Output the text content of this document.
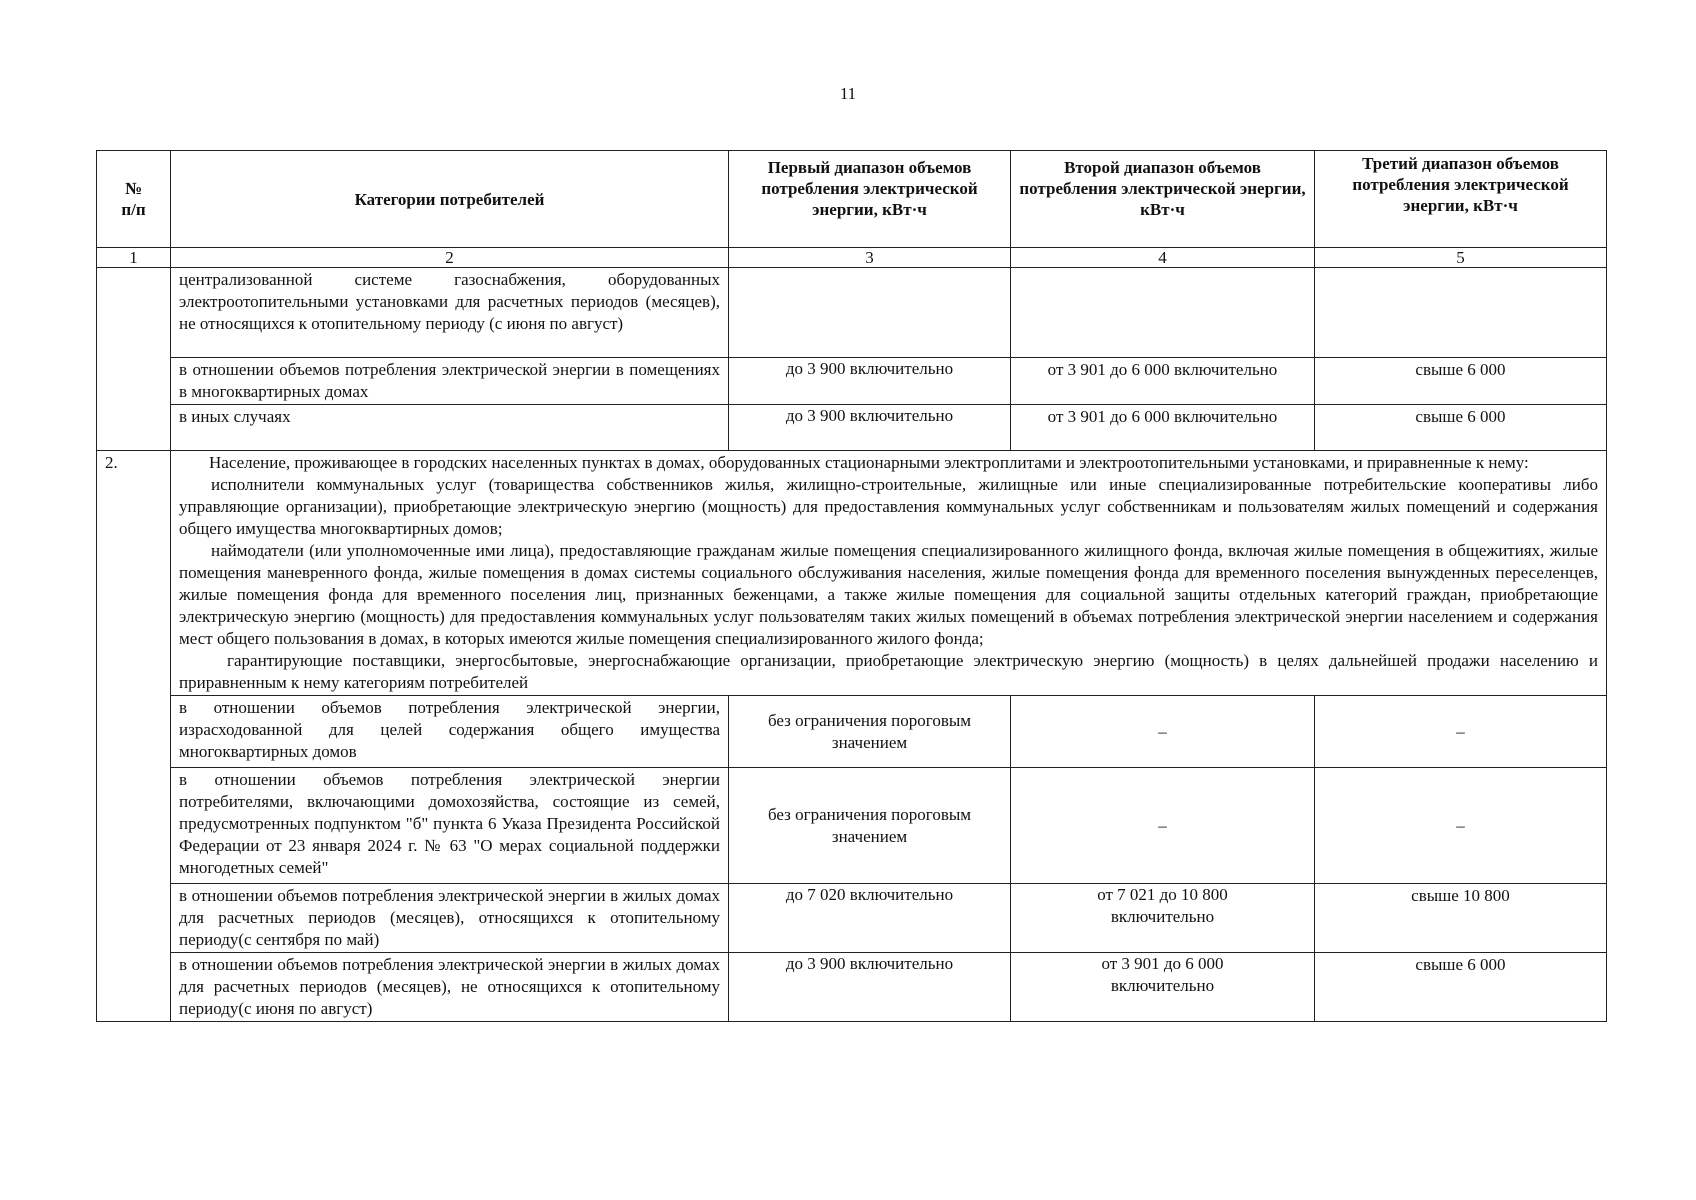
11
№
п/п	Категории потребителей	Первый диапазон объемов потребления электрической энергии, кВт·ч	Второй диапазон объемов потребления электрической энергии, кВт·ч	Третий диапазон объемов потребления электрической энергии, кВт·ч
1	2	3	4	5
	централизованной системе газоснабжения, оборудованных электроотопительными установками для расчетных периодов (месяцев), не относящихся к отопительному периоду (с июня по август)			
	в отношении объемов потребления электрической энергии в помещениях в многоквартирных домах	до 3 900 включительно	от 3 901 до 6 000 включительно	свыше 6 000
	в иных случаях	до 3 900 включительно	от 3 901 до 6 000 включительно	свыше 6 000
2.	Население, проживающее в городских населенных пунктах в домах, оборудованных стационарными электроплитами и электроотопительными установками, и приравненные к нему:

исполнители коммунальных услуг (товарищества собственников жилья, жилищно-строительные, жилищные или иные специализированные потребительские кооперативы либо управляющие организации), приобретающие электрическую энергию (мощность) для предоставления коммунальных услуг собственникам и пользователям жилых помещений и содержания общего имущества многоквартирных домов;

наймодатели (или уполномоченные ими лица), предоставляющие гражданам жилые помещения специализированного жилищного фонда, включая жилые помещения в общежитиях, жилые помещения маневренного фонда, жилые помещения в домах системы социального обслуживания населения, жилые помещения фонда для временного поселения вынужденных переселенцев, жилые помещения фонда для временного поселения лиц, признанных беженцами, а также жилые помещения для социальной защиты отдельных категорий граждан, приобретающие электрическую энергию (мощность) для предоставления коммунальных услуг пользователям таких жилых помещений в объемах потребления электрической энергии населением и содержания мест общего пользования в домах, в которых имеются жилые помещения специализированного жилого фонда;

гарантирующие поставщики, энергосбытовые, энергоснабжающие организации, приобретающие электрическую энергию (мощность) в целях дальнейшей продажи населению и приравненным к нему категориям потребителей			

	в отношении объемов потребления электрической энергии, израсходованной для целей содержания общего имущества многоквартирных домов	без ограничения пороговым значением	–	–
	в отношении объемов потребления электрической энергии потребителями, включающими домохозяйства, состоящие из семей, предусмотренных подпунктом "б" пункта 6 Указа Президента Российской Федерации от 23 января 2024 г. № 63 "О мерах социальной поддержки многодетных семей"	без ограничения пороговым значением	–	–
	в отношении объемов потребления электрической энергии в жилых домах для расчетных периодов (месяцев), относящихся к отопительному периоду(с сентября по май)	до 7 020 включительно	от 7 021 до 10 800 включительно	свыше 10 800
	в отношении объемов потребления электрической энергии в жилых домах для расчетных периодов (месяцев), не относящихся к отопительному периоду(с июня по август)	до 3 900 включительно	от 3 901 до 6 000 включительно	свыше 6 000
